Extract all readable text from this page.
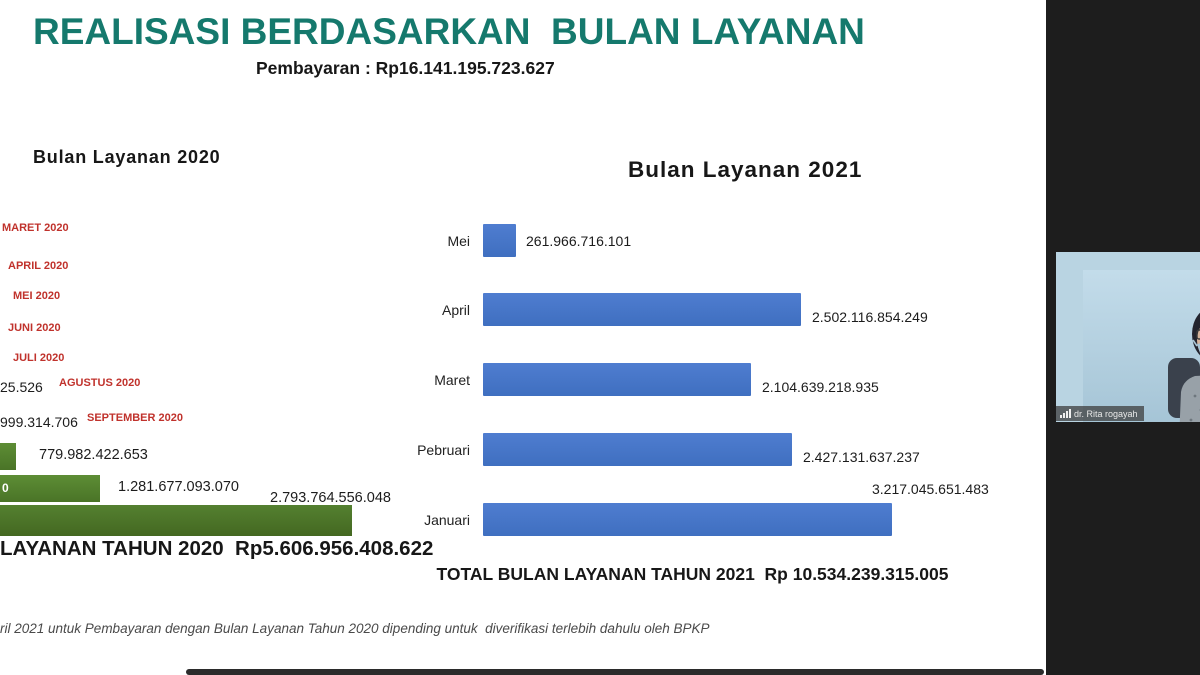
REALISASI BERDASARKAN  BULAN LAYANAN
Pembayaran : Rp16.141.195.723.627
Bulan Layanan 2020
MARET 2020
APRIL 2020
MEI 2020
JUNI 2020
JULI 2020
AGUSTUS 2020
SEPTEMBER 2020
25.526
999.314.706
779.982.422.653
0	1.281.677.093.070
2.793.764.556.048
LAYANAN TAHUN 2020  Rp5.606.956.408.622
Bulan Layanan 2021
Mei	261.966.716.101
April	2.502.116.854.249
Maret	2.104.639.218.935
Pebruari	2.427.131.637.237
Januari
3.217.045.651.483
TOTAL BULAN LAYANAN TAHUN 2021  Rp 10.534.239.315.005
ril 2021 untuk Pembayaran dengan Bulan Layanan Tahun 2020 dipending untuk  diverifikasi terlebih dahulu oleh BPKP

dr. Rita rogayah
